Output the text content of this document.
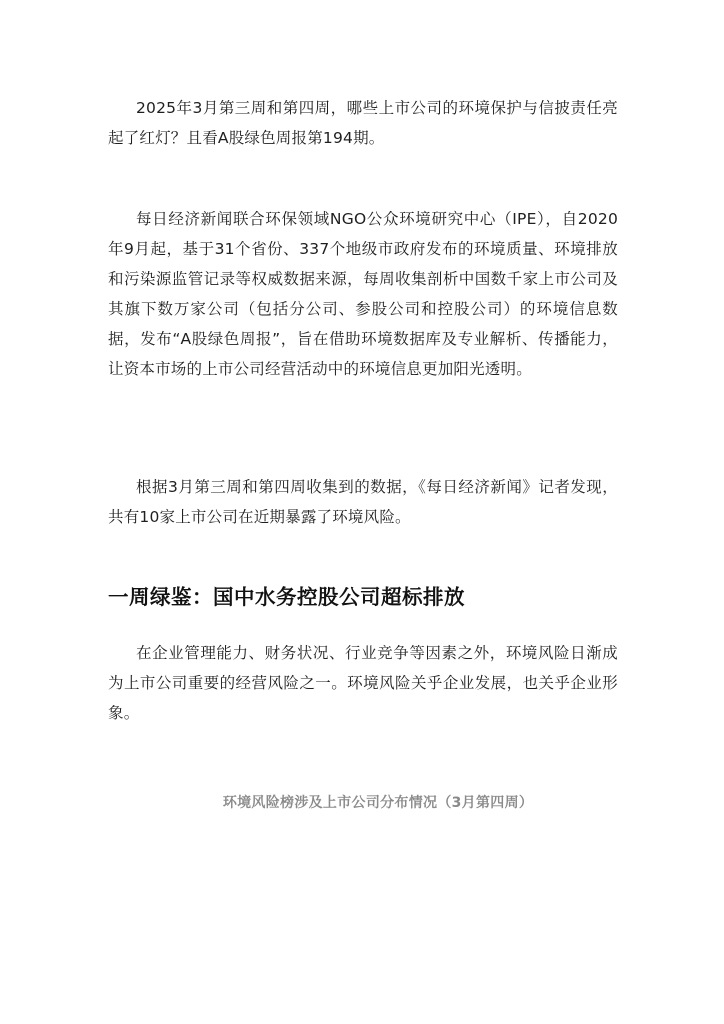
2025年3月第三周和第四周，哪些上市公司的环境保护与信披责任亮起了红灯？且看A股绿色周报第194期。

每日经济新闻联合环保领域NGO公众环境研究中心（IPE），自2020年9月起，基于31个省份、337个地级市政府发布的环境质量、环境排放和污染源监管记录等权威数据来源，每周收集剖析中国数千家上市公司及其旗下数万家公司（包括分公司、参股公司和控股公司）的环境信息数据，发布“A股绿色周报”，旨在借助环境数据库及专业解析、传播能力，让资本市场的上市公司经营活动中的环境信息更加阳光透明。

根据3月第三周和第四周收集到的数据，《每日经济新闻》记者发现，共有10家上市公司在近期暴露了环境风险。

一周绿鉴：国中水务控股公司超标排放

在企业管理能力、财务状况、行业竞争等因素之外，环境风险日渐成为上市公司重要的经营风险之一。环境风险关乎企业发展，也关乎企业形象。

环境风险榜涉及上市公司分布情况（3月第四周）
